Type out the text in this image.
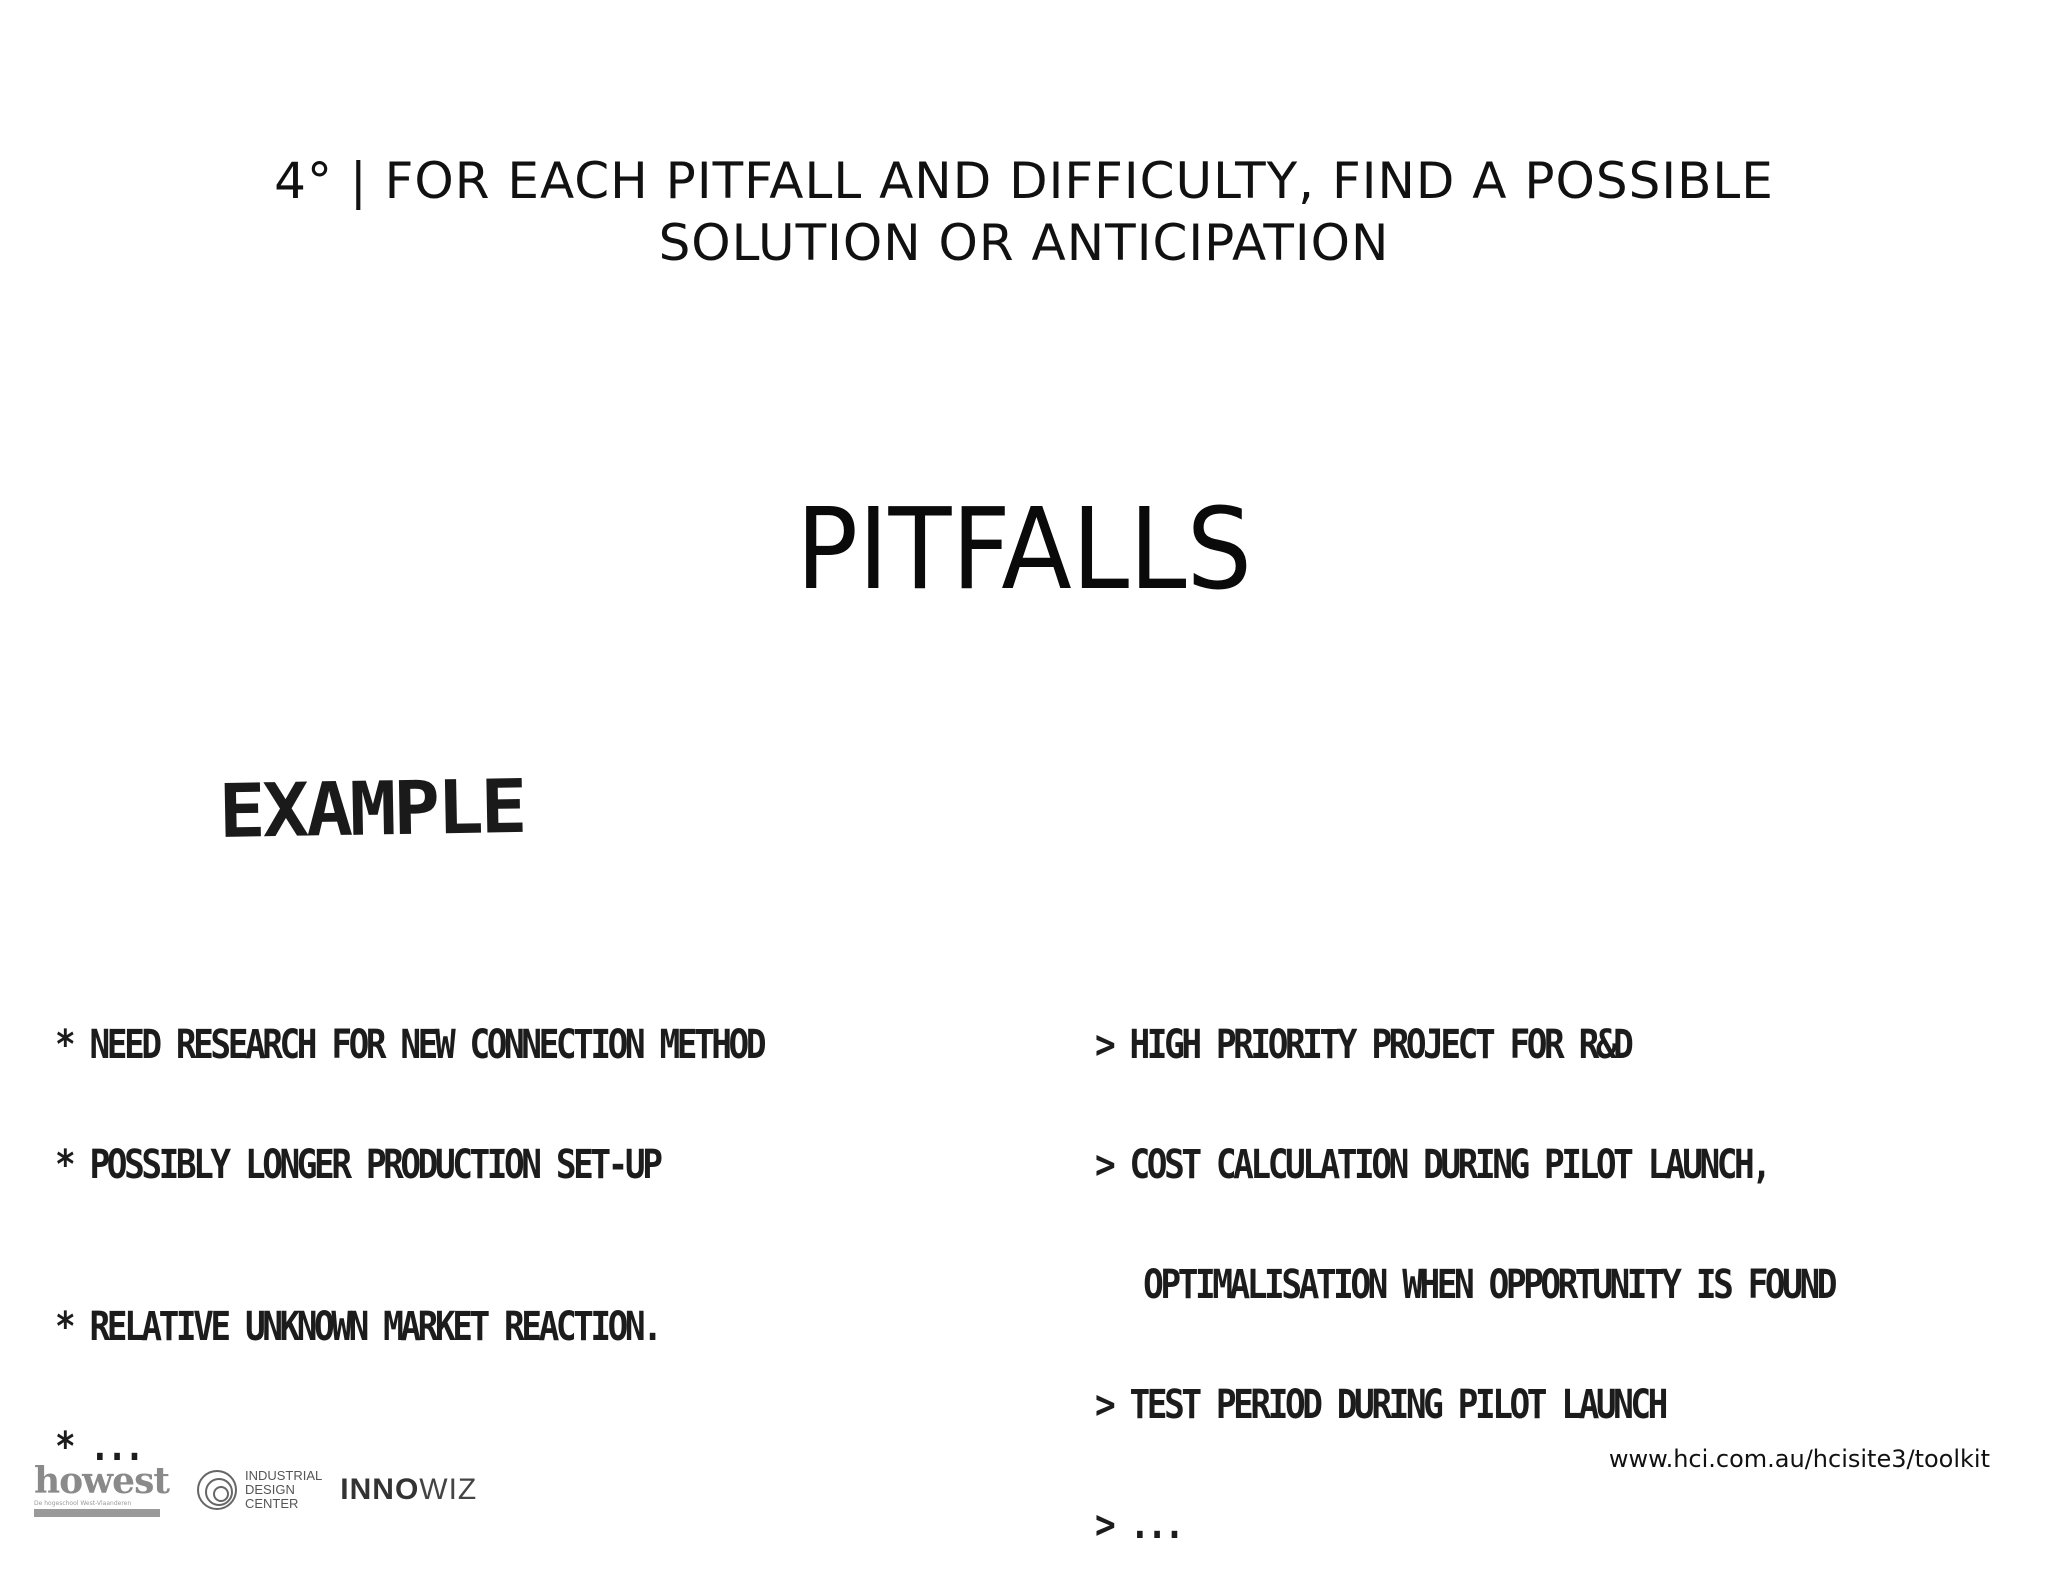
4° | FOR EACH PITFALL AND DIFFICULTY, FIND A POSSIBLE
SOLUTION OR ANTICIPATION
PITFALLS
EXAMPLE

* NEED RESEARCH FOR NEW CONNECTION METHOD

* POSSIBLY LONGER PRODUCTION SET-UP

* RELATIVE UNKNOWN MARKET REACTION.

* ...

> HIGH PRIORITY PROJECT FOR R&D

> COST CALCULATION DURING PILOT LAUNCH,

OPTIMALISATION WHEN OPPORTUNITY IS FOUND

> TEST PERIOD DURING PILOT LAUNCH

> ...

howest
De hogeschool West-Vlaanderen
INDUSTRIAL
DESIGN
CENTER	INNOWIZ
www.hci.com.au/hcisite3/toolkit
